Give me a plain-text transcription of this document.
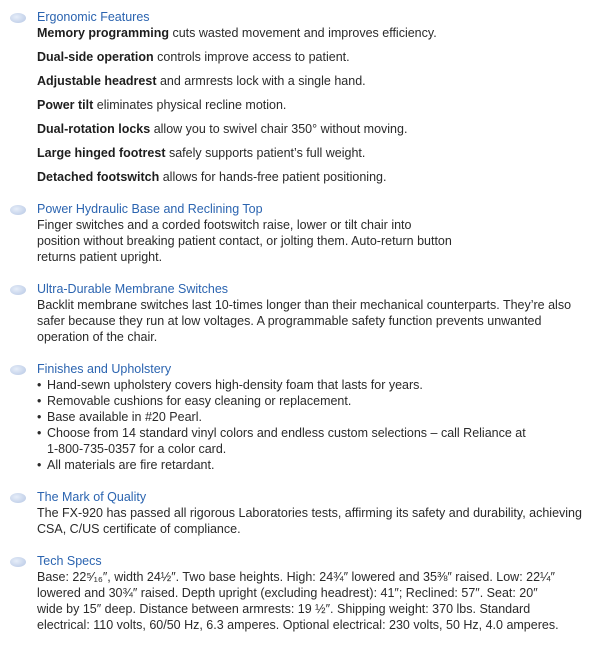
Ergonomic Features
Memory programming cuts wasted movement and improves efficiency.
Dual-side operation controls improve access to patient.
Adjustable headrest and armrests lock with a single hand.
Power tilt eliminates physical recline motion.
Dual-rotation locks allow you to swivel chair 350° without moving.
Large hinged footrest safely supports patient’s full weight.
Detached footswitch allows for hands-free patient positioning.
Power Hydraulic Base and Reclining Top
Finger switches and a corded footswitch raise, lower or tilt chair into
position without breaking patient contact, or jolting them. Auto-return button
returns patient upright.
Ultra-Durable Membrane Switches
Backlit membrane switches last 10-times longer than their mechanical counterparts. They’re also
safer because they run at low voltages. A programmable safety function prevents unwanted
operation of the chair.
Finishes and Upholstery
• Hand-sewn upholstery covers high-density foam that lasts for years.
• Removable cushions for easy cleaning or replacement.
• Base available in #20 Pearl.
• Choose from 14 standard vinyl colors and endless custom selections – call Reliance at
1-800-735-0357 for a color card.
• All materials are fire retardant.
The Mark of Quality
The FX-920 has passed all rigorous Laboratories tests, affirming its safety and durability, achieving
CSA, C/US certificate of compliance.
Tech Specs
Base: 22⁵⁄₁₆″, width 24½″. Two base heights. High: 24¾″ lowered and 35⅜″ raised. Low: 22¼″
lowered and 30¾″ raised. Depth upright (excluding headrest): 41″; Reclined: 57″. Seat: 20″
wide by 15″ deep. Distance between armrests: 19 ½″. Shipping weight: 370 lbs. Standard
electrical: 110 volts, 60/50 Hz, 6.3 amperes. Optional electrical: 230 volts, 50 Hz, 4.0 amperes.
